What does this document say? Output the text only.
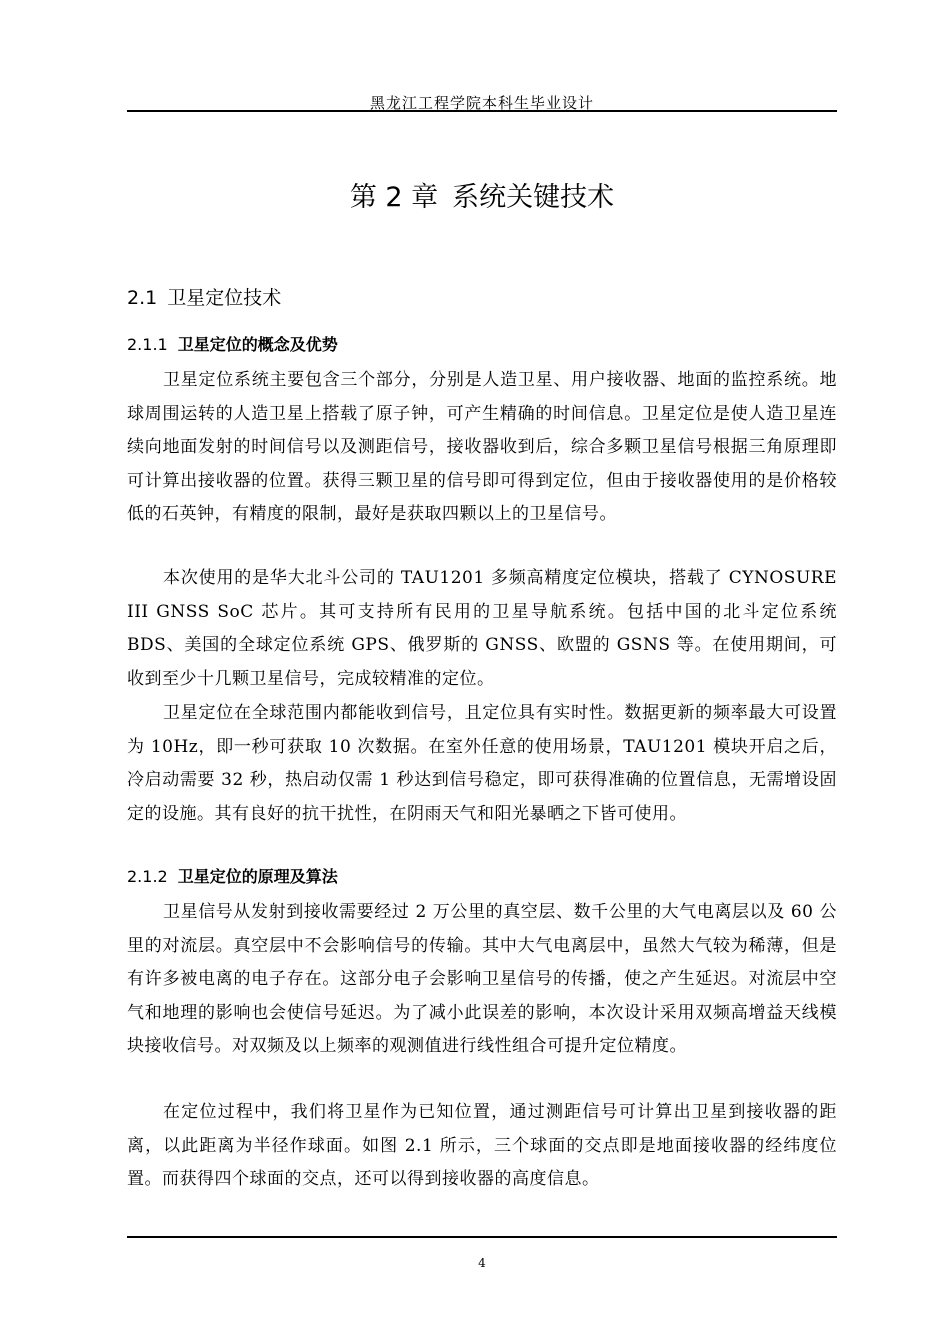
黑龙江工程学院本科生毕业设计
第 2 章 系统关键技术
2.1 卫星定位技术
2.1.1 卫星定位的概念及优势

卫星定位系统主要包含三个部分，分别是人造卫星、用户接收器、地面的监控系统。地球周围运转的人造卫星上搭载了原子钟，可产生精确的时间信息。卫星定位是使人造卫星连续向地面发射的时间信号以及测距信号，接收器收到后，综合多颗卫星信号根据三角原理即可计算出接收器的位置。获得三颗卫星的信号即可得到定位，但由于接收器使用的是价格较低的石英钟，有精度的限制，最好是获取四颗以上的卫星信号。

本次使用的是华大北斗公司的 TAU1201 多频高精度定位模块，搭载了 CYNOSURE III GNSS SoC 芯片。其可支持所有民用的卫星导航系统。包括中国的北斗定位系统 BDS、美国的全球定位系统 GPS、俄罗斯的 GNSS、欧盟的 GSNS 等。在使用期间，可收到至少十几颗卫星信号，完成较精准的定位。

卫星定位在全球范围内都能收到信号，且定位具有实时性。数据更新的频率最大可设置为 10Hz，即一秒可获取 10 次数据。在室外任意的使用场景，TAU1201 模块开启之后，冷启动需要 32 秒，热启动仅需 1 秒达到信号稳定，即可获得准确的位置信息，无需增设固定的设施。其有良好的抗干扰性，在阴雨天气和阳光暴晒之下皆可使用。

2.1.2 卫星定位的原理及算法

卫星信号从发射到接收需要经过 2 万公里的真空层、数千公里的大气电离层以及 60 公里的对流层。真空层中不会影响信号的传输。其中大气电离层中，虽然大气较为稀薄，但是有许多被电离的电子存在。这部分电子会影响卫星信号的传播，使之产生延迟。对流层中空气和地理的影响也会使信号延迟。为了减小此误差的影响，本次设计采用双频高增益天线模块接收信号。对双频及以上频率的观测值进行线性组合可提升定位精度。

在定位过程中，我们将卫星作为已知位置，通过测距信号可计算出卫星到接收器的距离，以此距离为半径作球面。如图 2.1 所示，三个球面的交点即是地面接收器的经纬度位置。而获得四个球面的交点，还可以得到接收器的高度信息。

4
